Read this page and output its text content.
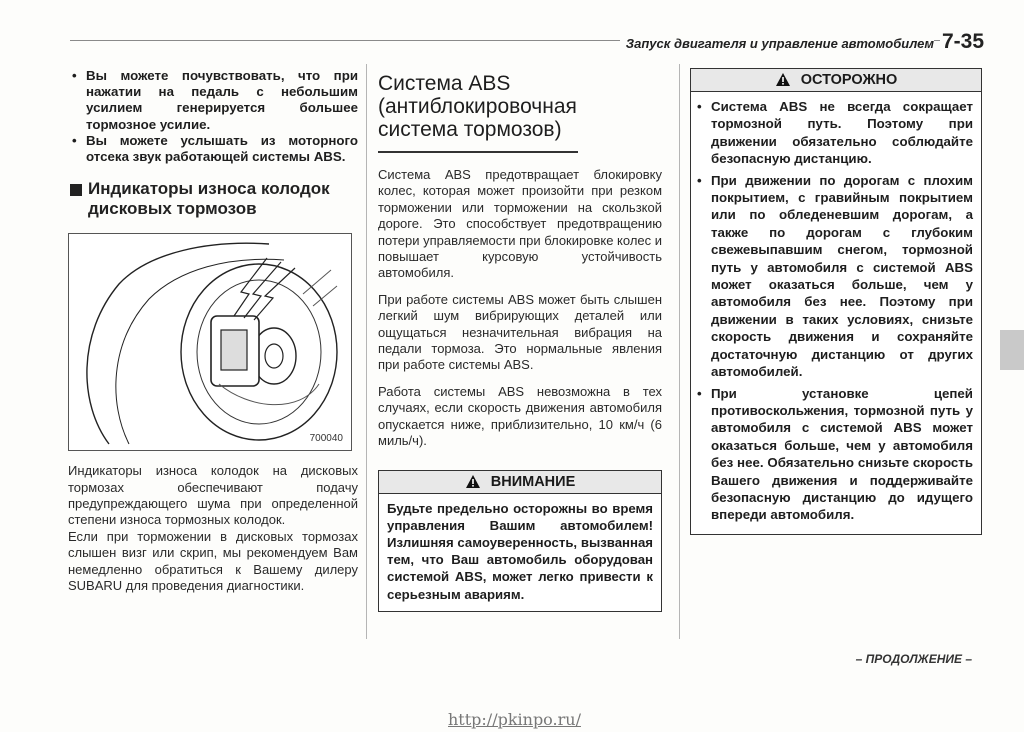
Запуск двигателя и управление автомобилем 7-35
• Вы можете почувствовать, что при нажатии на педаль с небольшим усилием генерируется большее тормозное усилие.
• Вы можете услышать из моторного отсека звук работающей системы ABS.
Индикаторы износа колодок дисковых тормозов
700040

Индикаторы износа колодок на дисковых тормозах обеспечивают подачу предупреждающего шума при определенной степени износа тормозных колодок.

Если при торможении в дисковых тормозах слышен визг или скрип, мы рекомендуем Вам немедленно обратиться к Вашему дилеру SUBARU для проведения диагностики.

Система ABS (антиблокировочная система тормозов)

Система ABS предотвращает блокировку колес, которая может произойти при резком торможении или торможении на скользкой дороге. Это способствует предотвращению потери управляемости при блокировке колес и повышает курсовую устойчивость автомобиля.

При работе системы ABS может быть слышен легкий шум вибрирующих деталей или ощущаться незначительная вибрация на педали тормоза. Это нормальные явления при работе системы ABS.

Работа системы ABS невозможна в тех случаях, если скорость движения автомобиля опускается ниже, приблизительно, 10 км/ч (6 миль/ч).

ВНИМАНИЕ

Будьте предельно осторожны во время управления Вашим автомобилем! Излишняя самоуверенность, вызванная тем, что Ваш автомобиль оборудован системой ABS, может легко привести к серьезным авариям.

ОСТОРОЖНО
• Система ABS не всегда сокращает тормозной путь. Поэтому при движении обязательно соблюдайте безопасную дистанцию.
• При движении по дорогам с плохим покрытием, с гравийным покрытием или по обледеневшим дорогам, а также по дорогам с глубоким свежевыпавшим снегом, тормозной путь у автомобиля с системой ABS может оказаться больше, чем у автомобиля без нее. Поэтому при движении в таких условиях, снизьте скорость движения и сохраняйте достаточную дистанцию от других автомобилей.
• При установке цепей противоскольжения, тормозной путь у автомобиля с системой ABS может оказаться больше, чем у автомобиля без нее. Обязательно снизьте скорость Вашего движения и поддерживайте безопасную дистанцию до идущего впереди автомобиля.
– ПРОДОЛЖЕНИЕ –
http://pkinpo.ru/
